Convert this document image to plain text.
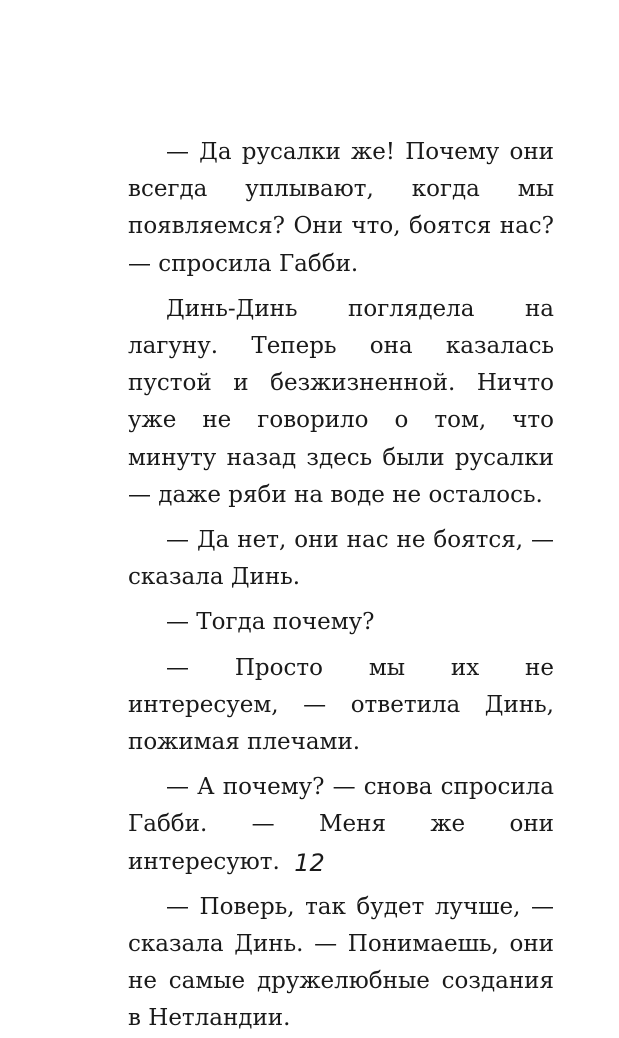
— Да русалки же! Почему они всегда уплывают, когда мы появляемся? Они что, боятся нас? — спросила Габби.

Динь-Динь поглядела на лагуну. Теперь она казалась пустой и безжизненной. Ничто уже не говорило о том, что минуту назад здесь были русалки — даже ряби на воде не осталось.

— Да нет, они нас не боятся, — сказала Динь.

— Тогда почему?

— Просто мы их не интересуем, — ответила Динь, пожимая плечами.

— А почему? — снова спросила Габби. — Меня же они интересуют.

— Поверь, так будет лучше, — сказала Динь. — Понимаешь, они не самые дружелюбные создания в Нетландии.

12
